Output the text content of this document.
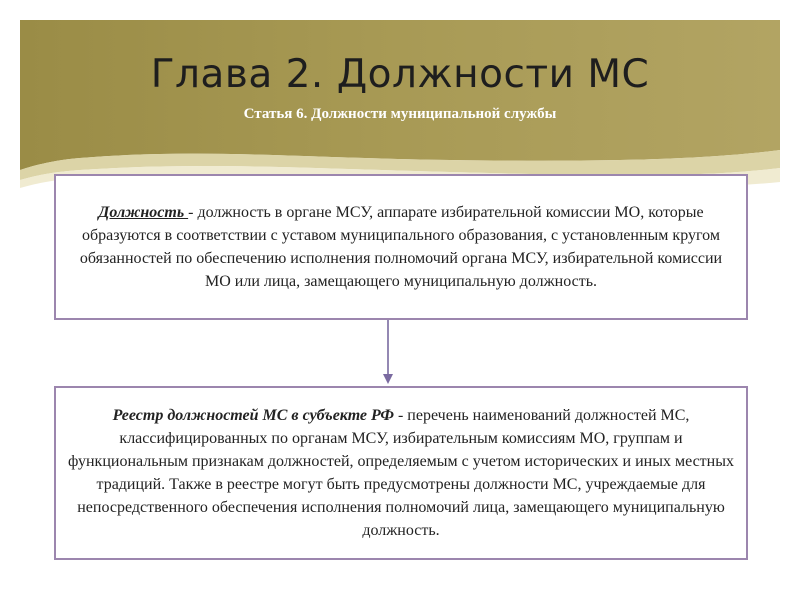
Глава 2. Должности МС

Статья 6. Должности муниципальной службы

Должность - должность в органе МСУ, аппарате избирательной комиссии МО, которые образуются в соответствии с уставом муниципального образования, с установленным кругом обязанностей по обеспечению исполнения полномочий органа МСУ, избирательной комиссии МО или лица, замещающего муниципальную должность.

Реестр должностей МС в субъекте РФ - перечень наименований должностей МС, классифицированных по органам МСУ, избирательным комиссиям МО, группам и функциональным признакам должностей, определяемым с учетом исторических и иных местных традиций. Также в реестре могут быть предусмотрены должности МС, учреждаемые для непосредственного обеспечения исполнения полномочий лица, замещающего муниципальную должность.
